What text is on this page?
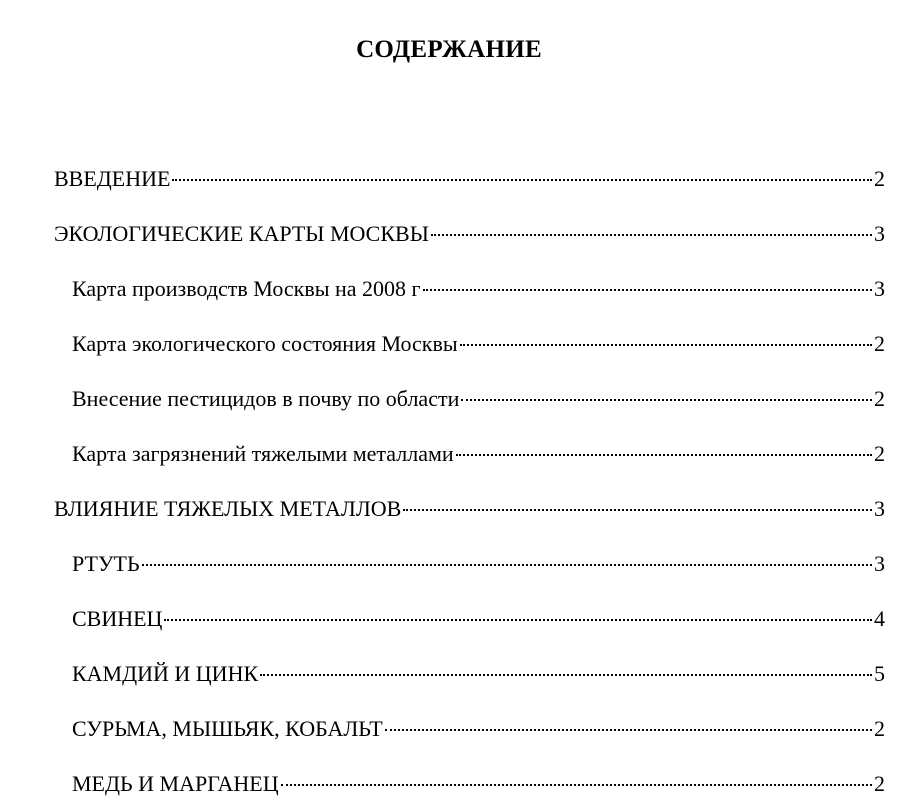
СОДЕРЖАНИЕ
ВВЕДЕНИЕ	2
ЭКОЛОГИЧЕСКИЕ КАРТЫ МОСКВЫ	3
Карта производств Москвы на 2008 г	3
Карта экологического состояния Москвы	2
Внесение пестицидов в почву по области	2
Карта загрязнений тяжелыми металлами	2
ВЛИЯНИЕ ТЯЖЕЛЫХ МЕТАЛЛОВ	3
РТУТЬ	3
СВИНЕЦ	4
КАМДИЙ И ЦИНК	5
СУРЬМА, МЫШЬЯК, КОБАЛЬТ	2
МЕДЬ И МАРГАНЕЦ	2
